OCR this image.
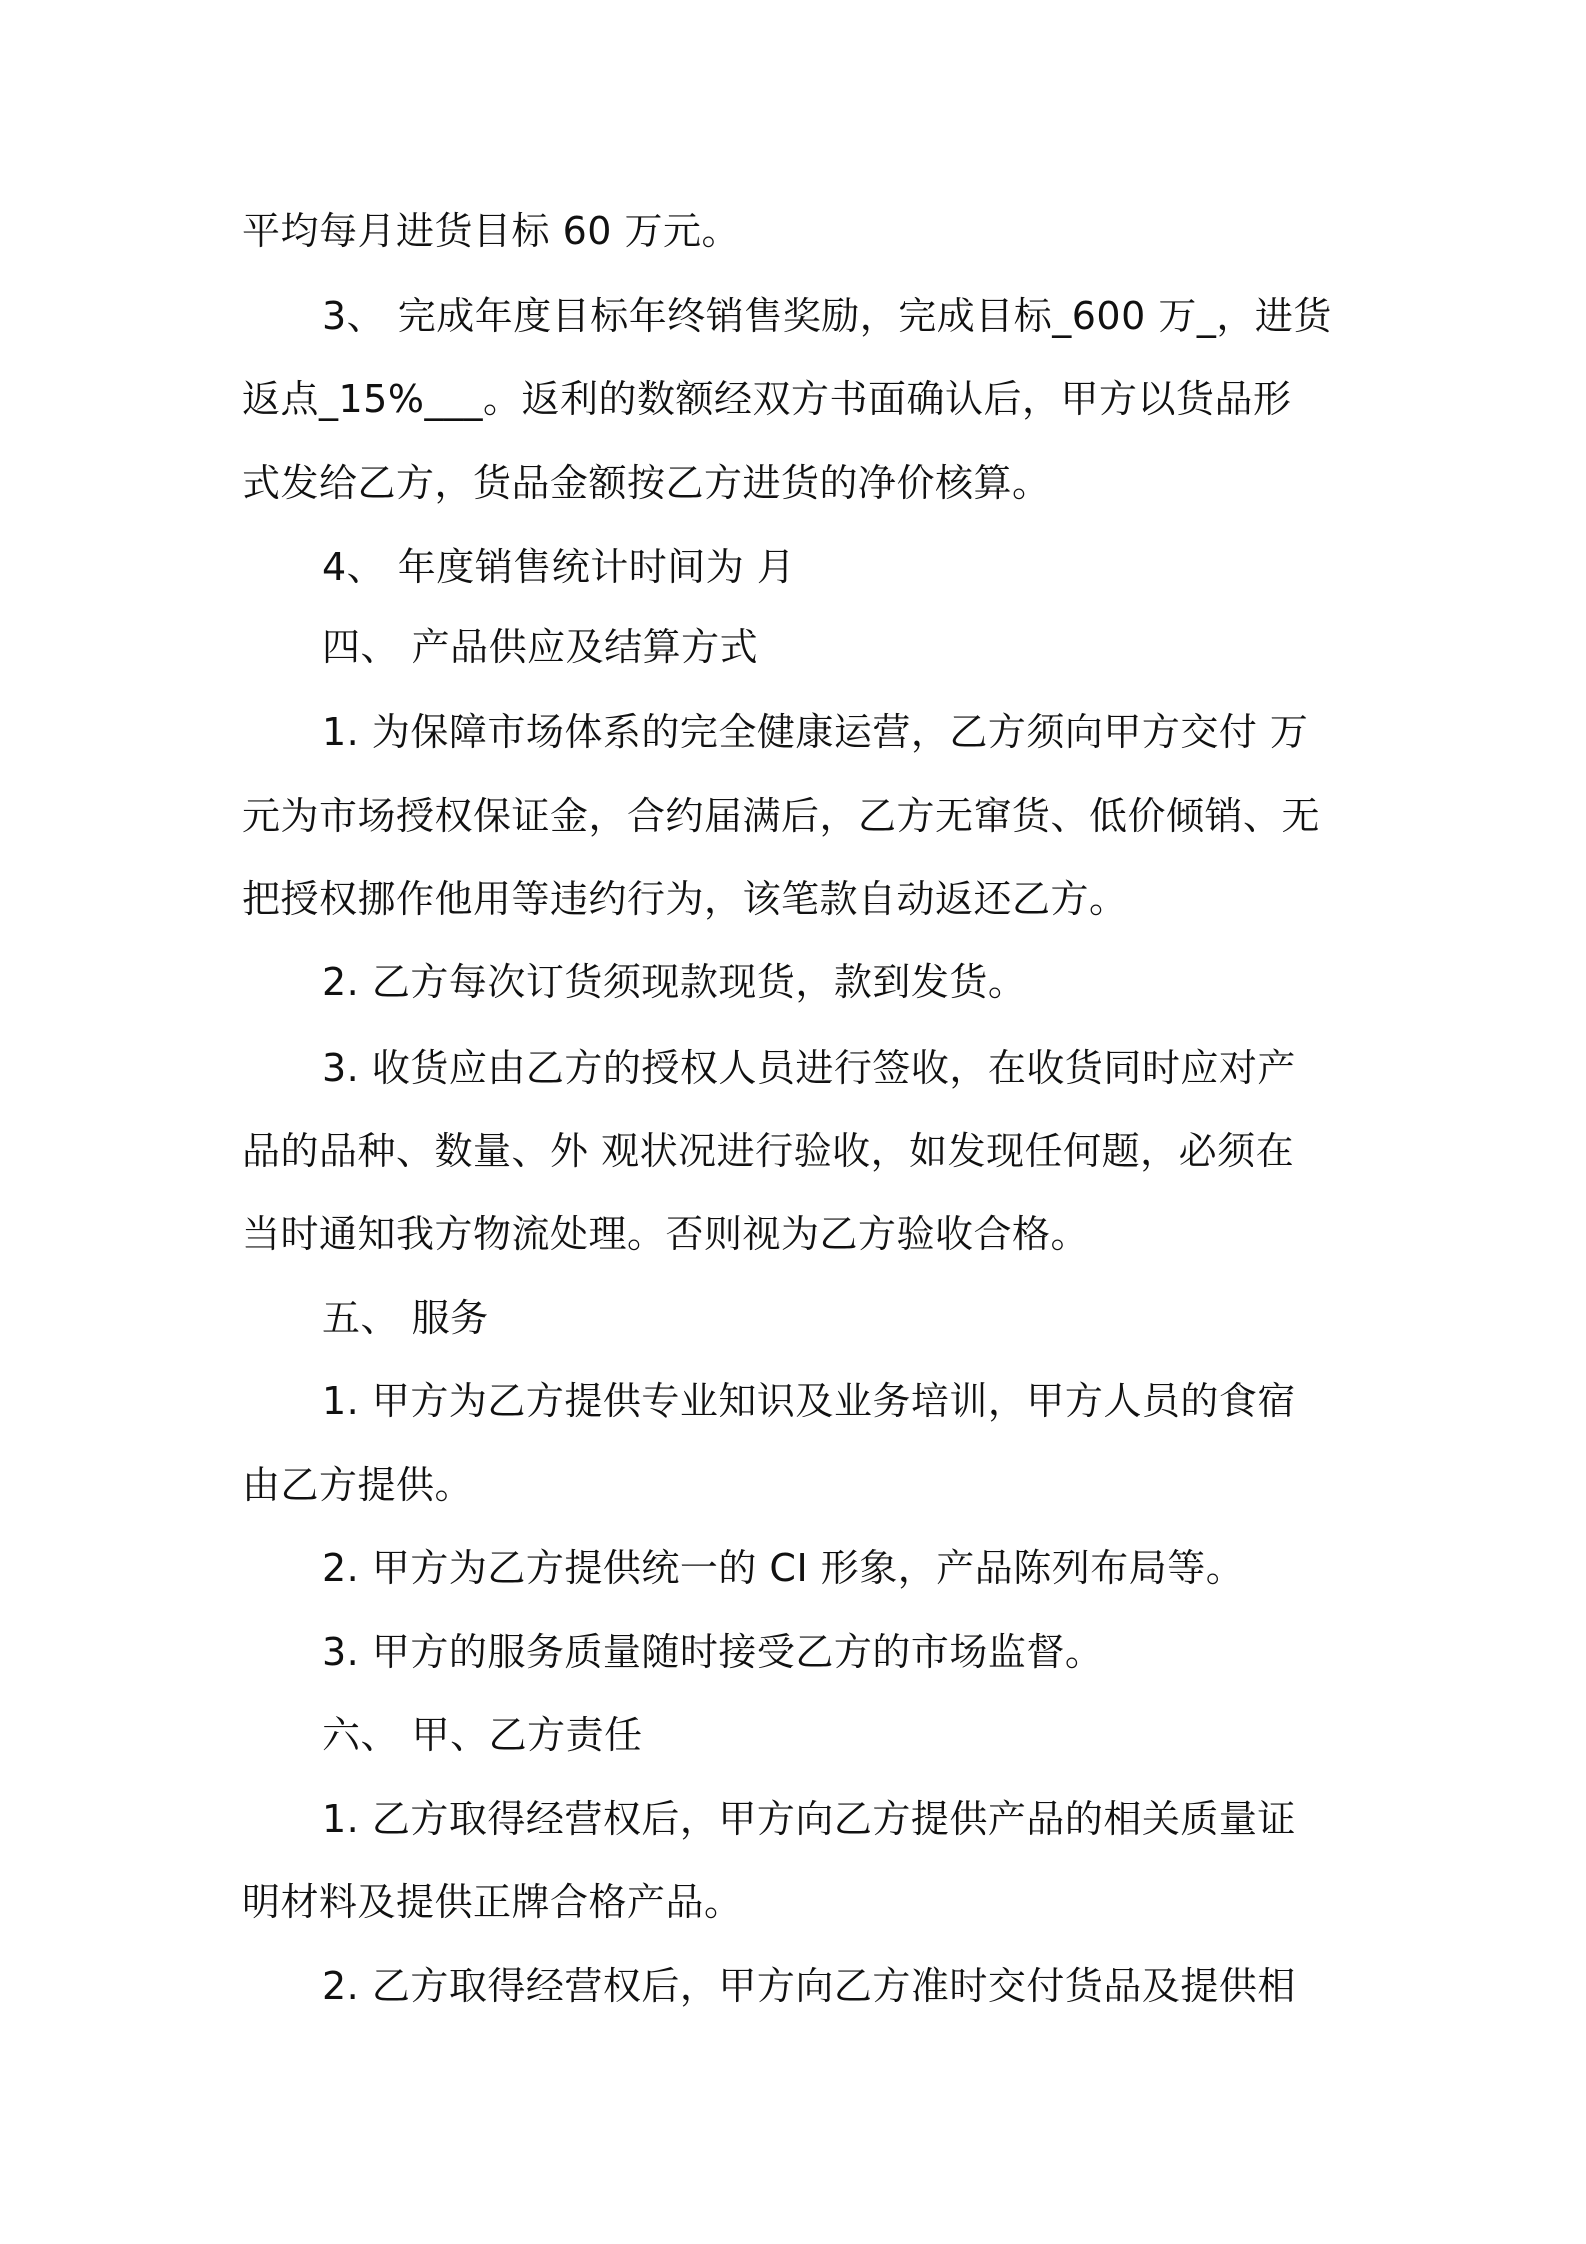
平均每月进货目标 60 万元。
3、 完成年度目标年终销售奖励，完成目标_600 万_，进货
返点_15%___。返利的数额经双方书面确认后，甲方以货品形
式发给乙方，货品金额按乙方进货的净价核算。
4、 年度销售统计时间为 月
四、 产品供应及结算方式
1. 为保障市场体系的完全健康运营，乙方须向甲方交付 万
元为市场授权保证金，合约届满后，乙方无窜货、低价倾销、无
把授权挪作他用等违约行为，该笔款自动返还乙方。
2. 乙方每次订货须现款现货，款到发货。
3. 收货应由乙方的授权人员进行签收，在收货同时应对产
品的品种、数量、外 观状况进行验收，如发现任何题，必须在
当时通知我方物流处理。否则视为乙方验收合格。
五、 服务
1. 甲方为乙方提供专业知识及业务培训，甲方人员的食宿
由乙方提供。
2. 甲方为乙方提供统一的 CI 形象，产品陈列布局等。
3. 甲方的服务质量随时接受乙方的市场监督。
六、 甲、乙方责任
1. 乙方取得经营权后，甲方向乙方提供产品的相关质量证
明材料及提供正牌合格产品。
2. 乙方取得经营权后，甲方向乙方准时交付货品及提供相
